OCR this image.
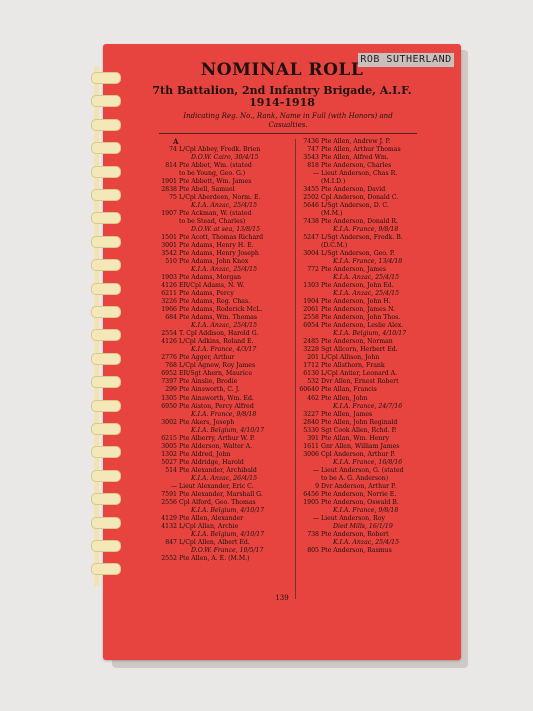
ROB SUTHERLAND
NOMINAL ROLL
7th Battalion, 2nd Infantry Brigade, A.I.F.
1914-1918
Indicating Reg. No., Rank, Name in Full (with Honors) and Casualties.
A
74 L/Cpl Abbey, Fredk. Brien
D.O.W. Cairo, 30/4/15
814 Pte Abbot, Wm. (stated
to be Young, Geo. G.)
1901 Pte Abbott, Wm. James
2838 Pte Abell, Samuel
75 L/Cpl Aberdeen, Norm. E.
K.I.A. Anzac, 25/4/15
1907 Pte Ackman, W. (stated
to be Stead, Charles)
D.O.W. at sea, 13/8/15
1501 Pte Acott, Thomas Richard
3001 Pte Adams, Henry H. E.
3542 Pte Adams, Henry Joseph
510 Pte Adams, John Knox
K.I.A. Anzac, 25/4/15
1903 Pte Adams, Morgan
4126 ER/Cpl Adams, N. W.
6211 Pte Adams, Percy
3226 Pte Adams, Reg. Chas.
1966 Pte Adams, Roderick McL.
684 Pte Adams, Wm. Thomas
K.I.A. Anzac, 25/4/15
2554 T. Cpl Addison, Harold G.
4126 L/Cpl Adkins, Roland E.
K.I.A. France, 4/3/17
2776 Pte Agger, Arthur
768 L/Cpl Agnew, Roy James
6952 ER/Sgt Ahern, Maurice
7397 Pte Ainslie, Brodie
299 Pte Ainsworth, C. J.
1305 Pte Ainsworth, Wm. Ed.
6950 Pte Aiston, Percy Alfred
K.I.A. France, 9/8/18
3002 Pte Akers, Joseph
K.I.A. Belgium, 4/10/17
6215 Pte Alberry, Arthur W. P.
3005 Pte Alderson, Walter A.
1302 Pte Aldred, John
5027 Pte Aldridge, Harold
514 Pte Alexander, Archibald
K.I.A. Anzac, 26/4/15
— Lieut Alexander, Eric C.
7591 Pte Alexander, Marshall G.
2556 Cpl Alford, Geo. Thomas
K.I.A. Belgium, 4/10/17
4129 Pte Allen, Alexander
4132 L/Cpl Allan, Archie
K.I.A. Belgium, 4/10/17
847 L/Cpl Allen, Albert Ed.
D.O.W. France, 10/5/17
2552 Pte Allen, A. E. (M.M.)
7436 Pte Allen, Andrew J. P.
747 Pte Allen, Arthur Thomas
3543 Pte Allen, Alfred Wm.
818 Pte Anderson, Charles
— Lieut Anderson, Chas R.
(M.I.D.)
3455 Pte Anderson, David
2502 Cpl Anderson, Donald C.
5646 L/Sgt Anderson, D. C.
(M.M.)
7438 Pte Anderson, Donald R.
K.I.A. France, 9/8/18
5247 L/Sgt Anderson, Fredk. B.
(D.C.M.)
3004 L/Sgt Anderson, Geo. P.
K.I.A. France, 13/4/18
772 Pte Anderson, James
K.I.A. Anzac, 25/4/15
1303 Pte Anderson, John Ed.
K.I.A. Anzac, 25/4/15
1904 Pte Anderson, John H.
2061 Pte Anderson, James N.
2558 Pte Anderson, John Thos.
6954 Pte Anderson, Leslie Alex.
K.I.A. Belgium, 4/10/17
2485 Pte Anderson, Norman
3228 Sgt Allcorn, Herbert Ed.
201 L/Cpl Allison, John
1712 Pte Allsthorn, Frank
6130 L/Cpl Antier, Leonard A.
532 Dvr Allen, Ernest Robert
60640 Pte Allan, Francis
462 Pte Allen, John
K.I.A. France, 24/7/16
3227 Pte Allen, James
2840 Pte Allen, John Reginald
5330 Sgt Cook Allen, Rchd. P.
391 Pte Allan, Wm. Henry
1611 Gnr Allen, William James
3006 Cpl Anderson, Arthur P.
K.I.A. France, 16/8/16
— Lieut Anderson, G. (stated
to be A. G. Anderson)
9 Dvr Anderson, Arthur P.
6456 Pte Anderson, Norrie E.
1905 Pte Anderson, Oswald B.
K.I.A. France, 9/8/18
— Lieut Anderson, Roy
Died Mills, 16/1/19
738 Pte Anderson, Robert
K.I.A. Anzac, 25/4/15
805 Pte Anderson, Rasmus
139
